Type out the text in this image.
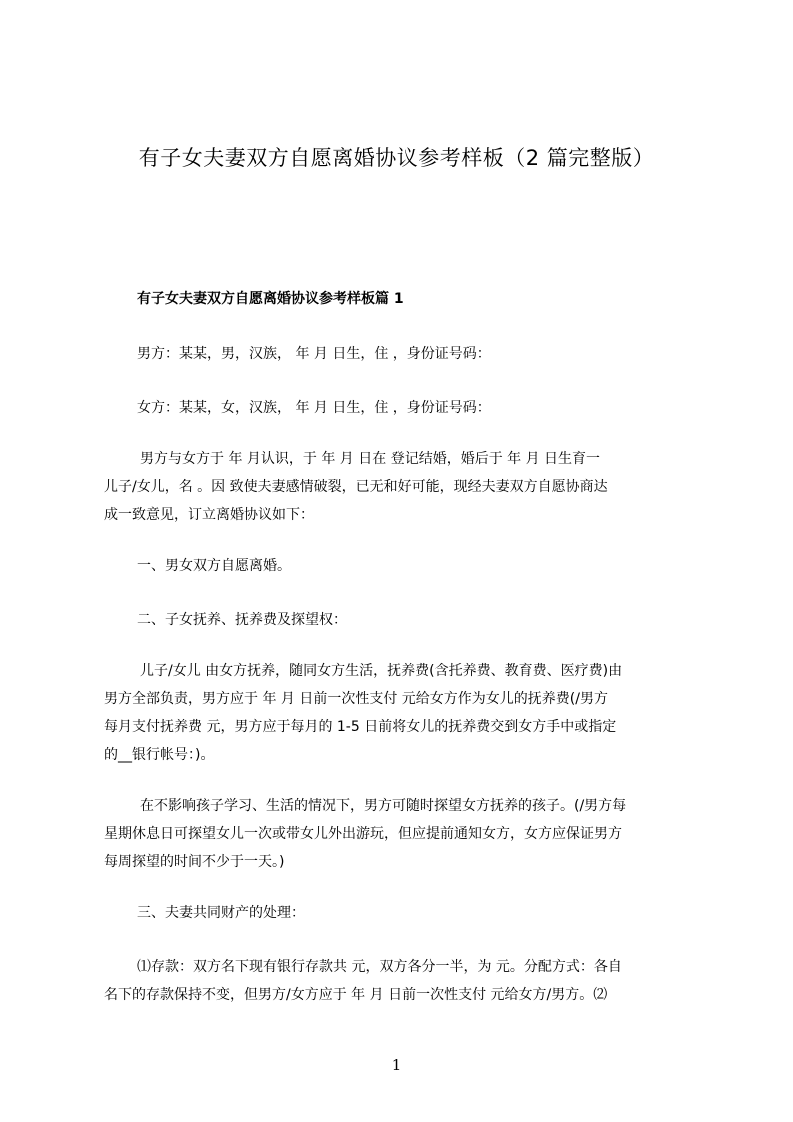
有子女夫妻双方自愿离婚协议参考样板（2 篇完整版）
有子女夫妻双方自愿离婚协议参考样板篇 1
男方：某某，男，汉族， 年 月 日生，住 ，身份证号码：
女方：某某，女，汉族， 年 月 日生，住 ，身份证号码：
男方与女方于 年 月认识，于 年 月 日在 登记结婚，婚后于 年 月 日生育一
儿子/女儿，名 。因 致使夫妻感情破裂，已无和好可能，现经夫妻双方自愿协商达
成一致意见，订立离婚协议如下：
一、男女双方自愿离婚。
二、子女抚养、抚养费及探望权：
儿子/女儿 由女方抚养，随同女方生活，抚养费(含托养费、教育费、医疗费)由
男方全部负责，男方应于 年 月 日前一次性支付 元给女方作为女儿的抚养费(/男方
每月支付抚养费 元，男方应于每月的 1-5 日前将女儿的抚养费交到女方手中或指定
的__银行帐号：)。
在不影响孩子学习、生活的情况下，男方可随时探望女方抚养的孩子。(/男方每
星期休息日可探望女儿一次或带女儿外出游玩，但应提前通知女方，女方应保证男方
每周探望的时间不少于一天。)
三、夫妻共同财产的处理：
⑴存款：双方名下现有银行存款共 元，双方各分一半，为 元。分配方式：各自
名下的存款保持不变，但男方/女方应于 年 月 日前一次性支付 元给女方/男方。⑵
1
